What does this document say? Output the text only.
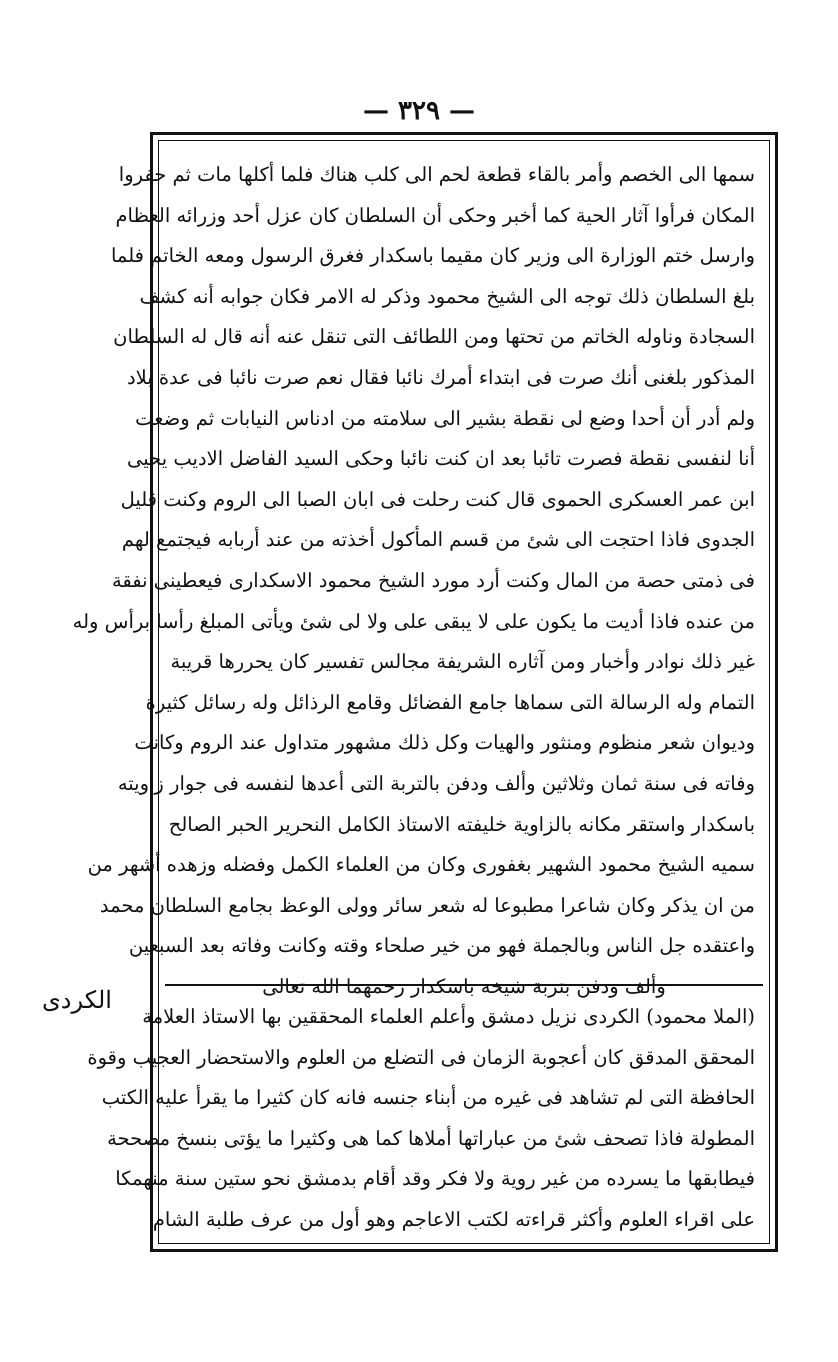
— ٣٢٩ —
الكردى
سمها الى الخصم وأمر بالقاء قطعة لحم الى كلب هناك فلما أكلها مات ثم حفروا
المكان فرأوا آثار الحية كما أخبر وحكى أن السلطان كان عزل أحد وزرائه العظام
وارسل ختم الوزارة الى وزير كان مقيما باسكدار فغرق الرسول ومعه الخاتم فلما
بلغ السلطان ذلك توجه الى الشيخ محمود وذكر له الامر فكان جوابه أنه كشف
السجادة وناوله الخاتم من تحتها ومن اللطائف التى تنقل عنه أنه قال له السلطان
المذكور بلغنى أنك صرت فى ابتداء أمرك نائبا فقال نعم صرت نائبا فى عدة بلاد
ولم أدر أن أحدا وضع لى نقطة بشير الى سلامته من ادناس النيابات ثم وضعت
أنا لنفسى نقطة فصرت تائبا بعد ان كنت نائبا وحكى السيد الفاضل الاديب يحيى
ابن عمر العسكرى الحموى قال كنت رحلت فى ابان الصبا الى الروم وكنت قليل
الجدوى فاذا احتجت الى شئ من قسم المأكول أخذته من عند أربابه فيجتمع لهم
فى ذمتى حصة من المال وكنت أرد مورد الشيخ محمود الاسكدارى فيعطينى نفقة
من عنده فاذا أديت ما يكون على لا يبقى على ولا لى شئ ويأتى المبلغ رأسا برأس وله
غير ذلك نوادر وأخبار ومن آثاره الشريفة مجالس تفسير كان يحررها قريبة
التمام وله الرسالة التى سماها جامع الفضائل وقامع الرذائل وله رسائل كثيرة
وديوان شعر منظوم ومنثور والهيات وكل ذلك مشهور متداول عند الروم وكانت
وفاته فى سنة ثمان وثلاثين وألف ودفن بالتربة التى أعدها لنفسه فى جوار زاويته
باسكدار واستقر مكانه بالزاوية خليفته الاستاذ الكامل النحرير الحبر الصالح
سميه الشيخ محمود الشهير بغفورى وكان من العلماء الكمل وفضله وزهده أشهر من
من ان يذكر وكان شاعرا مطبوعا له شعر سائر وولى الوعظ بجامع السلطان محمد
واعتقده جل الناس وبالجملة فهو من خير صلحاء وقته وكانت وفاته بعد السبعين
وألف ودفن بتربة شيخه باسكدار رحمهما الله تعالى
(الملا محمود) الكردى نزيل دمشق وأعلم العلماء المحققين بها الاستاذ العلامة
المحقق المدقق كان أعجوبة الزمان فى التضلع من العلوم والاستحضار العجيب وقوة
الحافظة التى لم تشاهد فى غيره من أبناء جنسه فانه كان كثيرا ما يقرأ عليه الكتب
المطولة فاذا تصحف شئ من عباراتها أملاها كما هى وكثيرا ما يؤتى بنسخ مصححة
فيطابقها ما يسرده من غير روية ولا فكر وقد أقام بدمشق نحو ستين سنة منهمكا
على اقراء العلوم وأكثر قراءته لكتب الاعاجم وهو أول من عرف طلبة الشام
